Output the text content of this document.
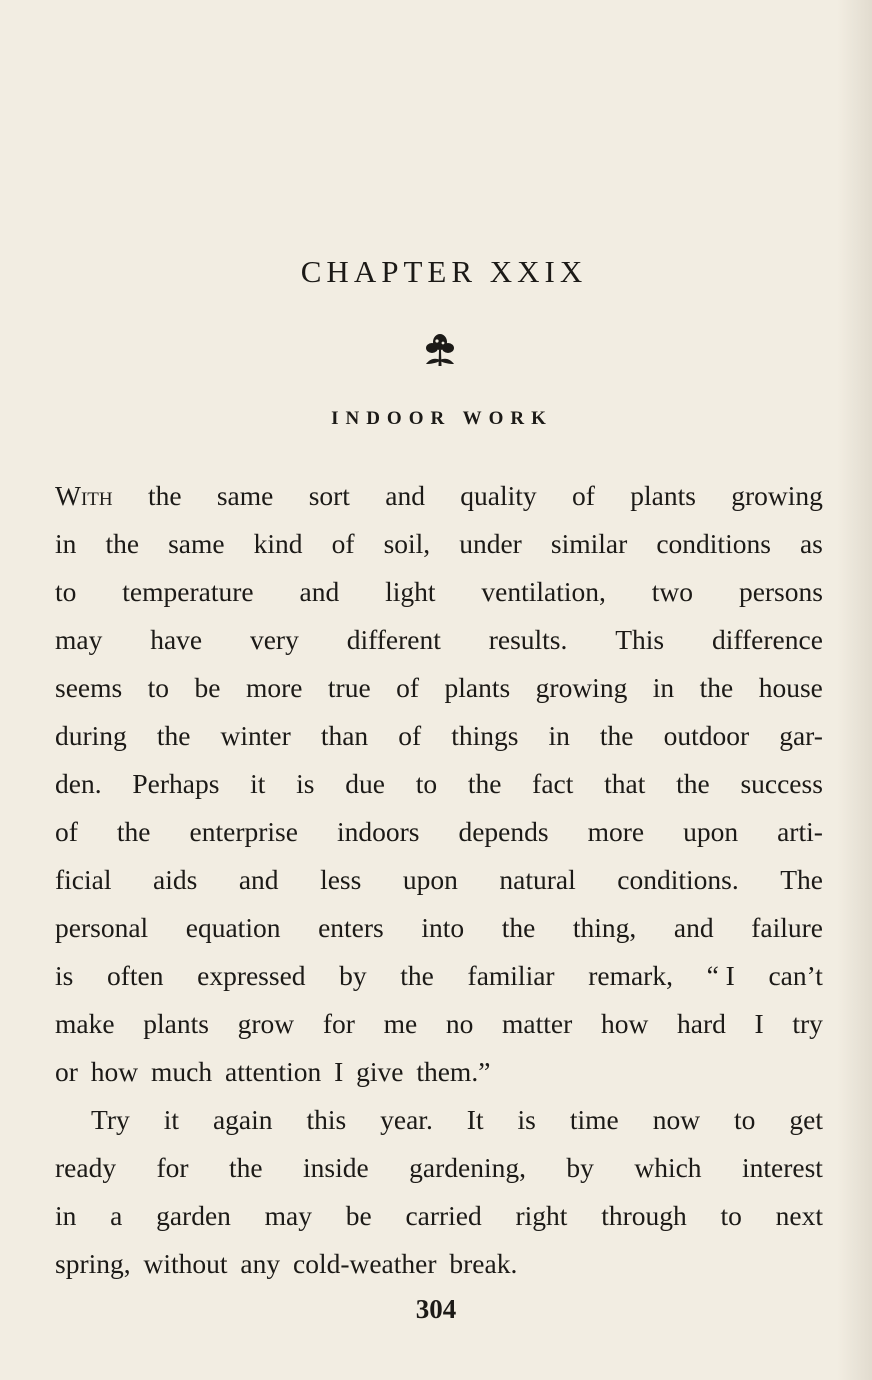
CHAPTER XXIX
INDOOR WORK
With the same sort and quality of plants growing
in the same kind of soil, under similar conditions as
to temperature and light ventilation, two persons
may have very different results. This difference
seems to be more true of plants growing in the house
during the winter than of things in the outdoor gar-
den. Perhaps it is due to the fact that the success
of the enterprise indoors depends more upon arti-
ficial aids and less upon natural conditions. The
personal equation enters into the thing, and failure
is often expressed by the familiar remark, “ I can’t
make plants grow for me no matter how hard I try
or how much attention I give them.”
Try it again this year. It is time now to get
ready for the inside gardening, by which interest
in a garden may be carried right through to next
spring, without any cold-weather break.
304
